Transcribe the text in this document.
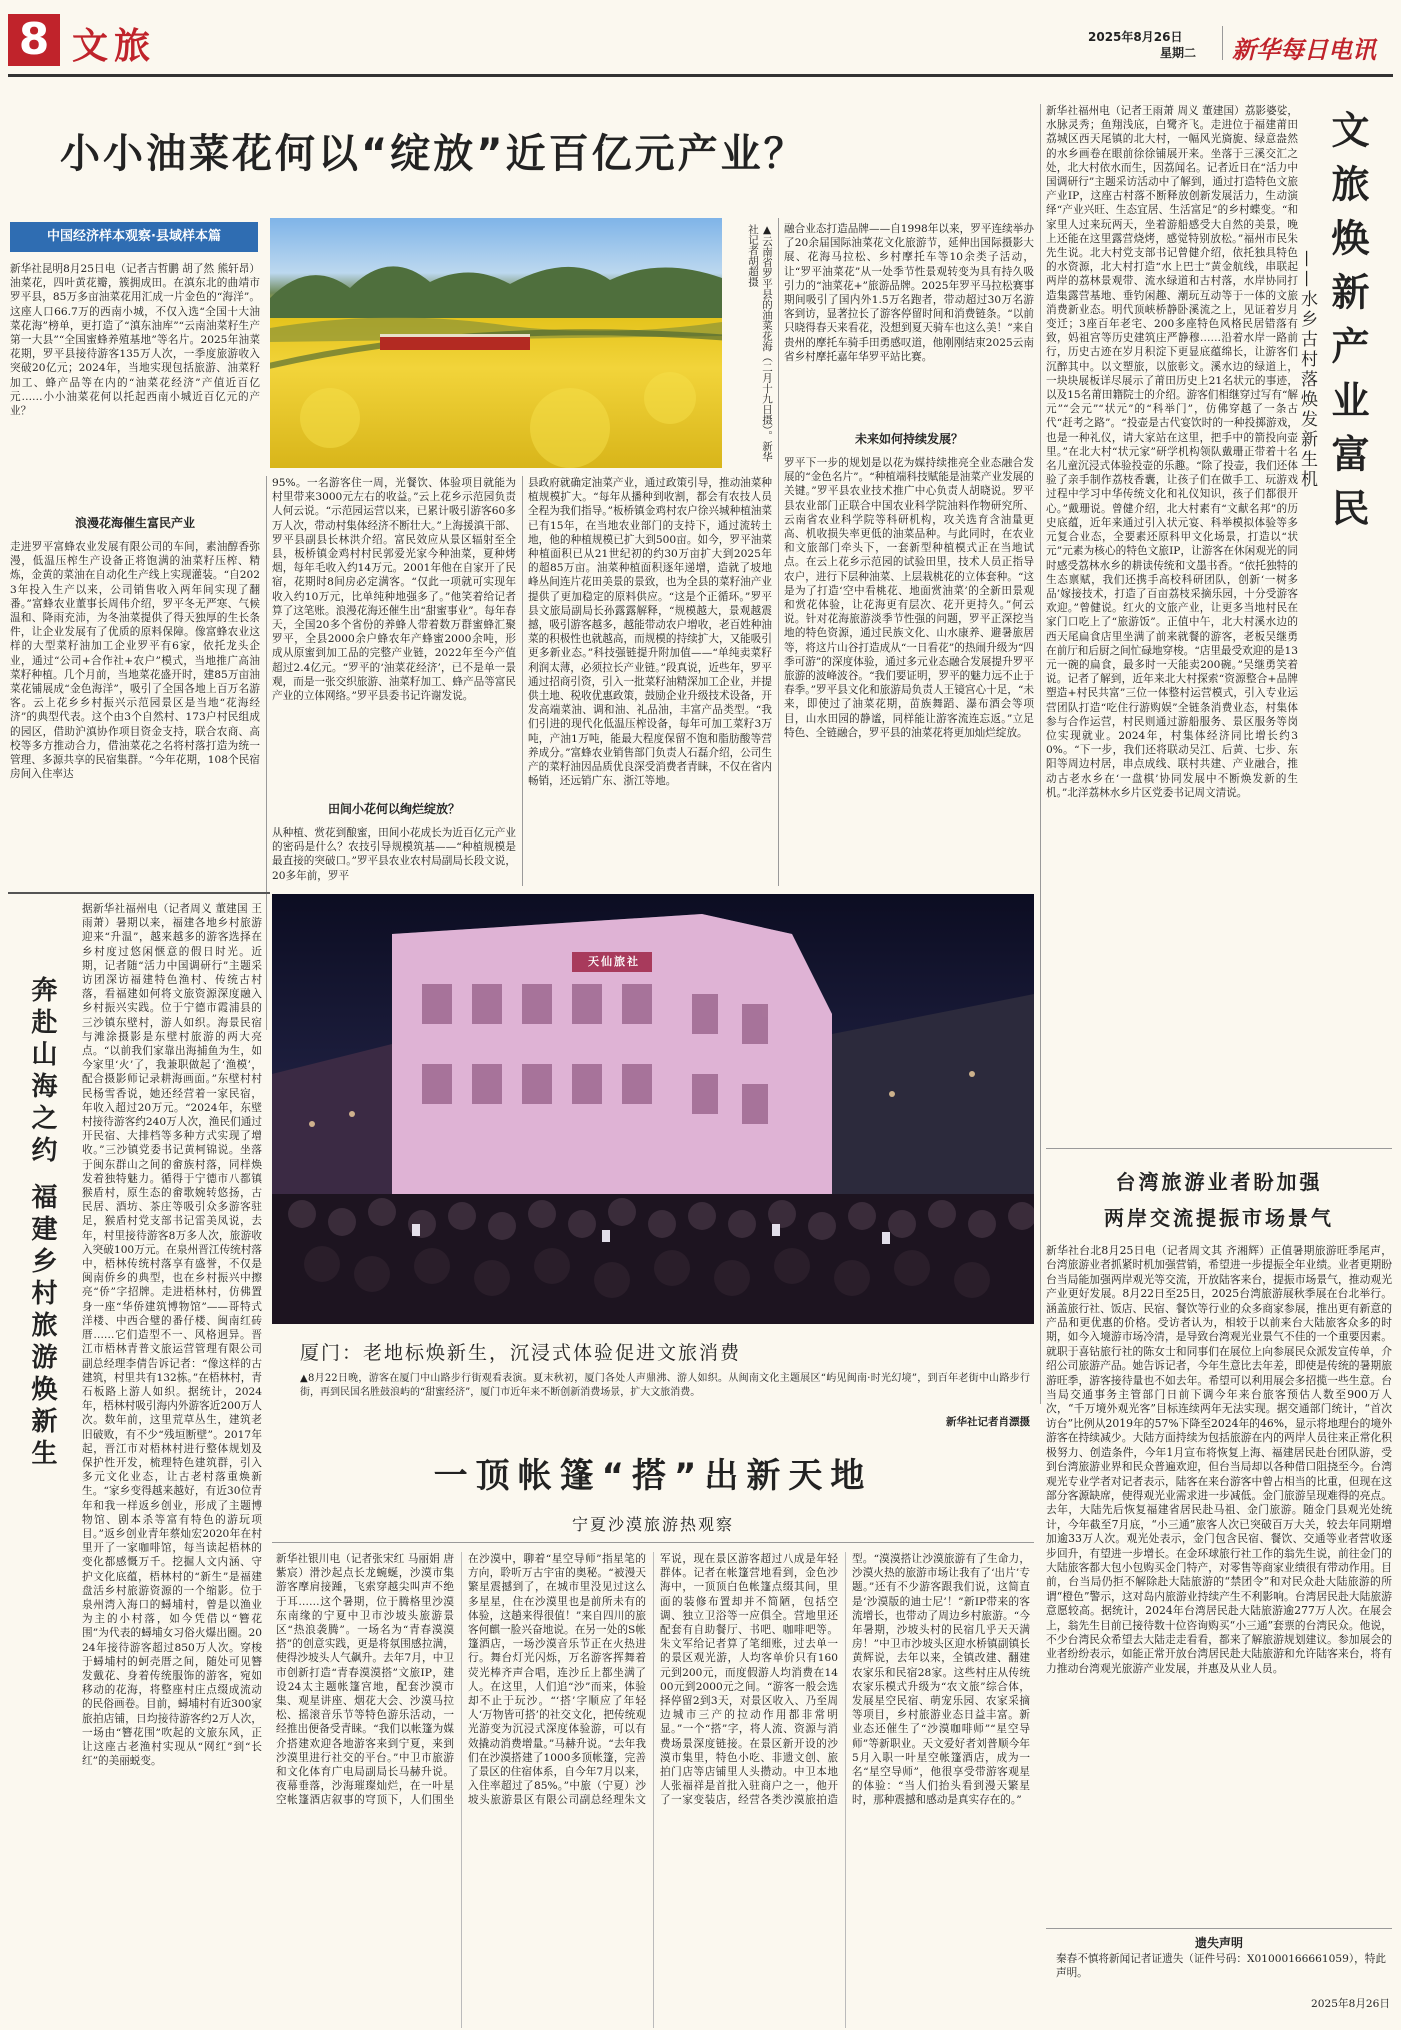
8 文旅	2025年8月26日
星期二 新华每日电讯
小小油菜花何以“绽放”近百亿元产业？
中国经济样本观察·县域样本篇	▲云南省罗平县的油菜花海（二月十九日摄）。新华社记者胡超摄
新华社昆明8月25日电（记者吉哲鹏 胡了然 熊轩昂）油菜花，四叶黄花瓣，簇拥成田。在滇东北的曲靖市罗平县，85万多亩油菜花用汇成一片金色的“海洋”。这座人口66.7万的西南小城，不仅入选“全国十大油菜花海”榜单，更打造了“滇东油库”“云南油菜籽生产第一大县”“全国蜜蜂养殖基地”等名片。2025年油菜花期，罗平县接待游客135万人次，一季度旅游收入突破20亿元；2024年，当地实现包括旅游、油菜籽加工、蜂产品等在内的“油菜花经济”产值近百亿元……小小油菜花何以托起西南小城近百亿元的产业？
浪漫花海催生富民产业
走进罗平富蜂农业发展有限公司的车间，素油醇香弥漫，低温压榨生产设备正将饱满的油菜籽压榨、精炼，金黄的菜油在自动化生产线上实现灌装。“自2023年投入生产以来，公司销售收入两年间实现了翻番。”富蜂农业董事长周伟介绍，罗平冬无严寒、气候温和、降雨充沛，为冬油菜提供了得天独厚的生长条件，让企业发展有了优质的原料保障。像富蜂农业这样的大型菜籽油加工企业罗平有6家，依托龙头企业，通过“公司+合作社+农户”模式，当地推广高油菜籽种植。几个月前，当地菜花盛开时，建85万亩油菜花铺展成“金色海洋”，吸引了全国各地上百万名游客。云上花乡乡村振兴示范园景区是当地“花海经济”的典型代表。这个由3个自然村、173户村民组成的园区，借助沪滇协作项目资金支持，联合农商、高校等多方推动合力，借油菜花之名将村落打造为统一管理、多源共享的民宿集群。“今年花期，108个民宿房间入住率达
95%。一名游客住一周，光餐饮、体验项目就能为村里带来3000元左右的收益。”云上花乡示范园负责人何云说。“示范园运营以来，已累计吸引游客60多万人次，带动村集体经济不断壮大。”上海援滇干部、罗平县副县长林洪介绍。富民效应从景区辐射至全县，板桥镇金鸡村村民郭爱光家今种油菜，夏种烤烟，每年毛收入约14万元。2001年他在自家开了民宿，花期时8间房必定满客。“仅此一项就可实现年收入约10万元，比单纯种地强多了。”他笑着给记者算了这笔账。浪漫花海还催生出“甜蜜事业”。每年春天，全国20多个省份的养蜂人带着数万群蜜蜂汇聚罗平，全县2000余户蜂农年产蜂蜜2000余吨，形成从原蜜到加工品的完整产业链，2022年至今产值超过2.4亿元。“罗平的‘油菜花经济’，已不是单一景观，而是一张交织旅游、油菜籽加工、蜂产品等富民产业的立体网络。”罗平县委书记许谢发说。
田间小花何以绚烂绽放？
从种植、赏花到酿蜜，田间小花成长为近百亿元产业的密码是什么？农技引导规模筑基——“种植规模是最直接的突破口。”罗平县农业农村局副局长段文说，20多年前，罗平
县政府就确定油菜产业，通过政策引导，推动油菜种植规模扩大。“每年从播种到收割，都会有农技人员全程为我们指导。”板桥镇金鸡村农户徐兴城种植油菜已有15年，在当地农业部门的支持下，通过流转土地，他的种植规模已扩大到500亩。如今，罗平油菜种植面积已从21世纪初的约30万亩扩大到2025年的超85万亩。油菜种植面积逐年递增，造就了坡地峰丛间连片花田美景的景致，也为全县的菜籽油产业提供了更加稳定的原料供应。“这是个正循环。”罗平县文旅局副局长孙露露解释，“规模越大，景观越震撼，吸引游客越多，越能带动农户增收，老百姓种油菜的积极性也就越高，而规模的持续扩大，又能吸引更多新业态。”科技强链提升附加值——“单纯卖菜籽利润太薄，必须拉长产业链。”段真说，近些年，罗平通过招商引资，引入一批菜籽油精深加工企业，并提供土地、税收优惠政策，鼓励企业升级技术设备，开发高端菜油、调和油、礼品油，丰富产品类型。“我们引进的现代化低温压榨设备，每年可加工菜籽3万吨，产油1万吨，能最大程度保留不饱和脂肪酸等营养成分。”富蜂农业销售部门负责人石磊介绍，公司生产的菜籽油因品质优良深受消费者青睐，不仅在省内畅销，还远销广东、浙江等地。
融合业态打造品牌——自1998年以来，罗平连续举办了20余届国际油菜花文化旅游节，延伸出国际摄影大展、花海马拉松、乡村摩托车等10余类子活动，让“罗平油菜花”从一处季节性景观转变为具有持久吸引力的“油菜花+”旅游品牌。2025年罗平马拉松赛事期间吸引了国内外1.5万名跑者，带动超过30万名游客到访，显著拉长了游客停留时间和消费链条。“以前只晓得春天来看花，没想到夏天骑车也这么美！”来自贵州的摩托车骑手田勇感叹道，他刚刚结束2025云南省乡村摩托嘉年华罗平站比赛。
未来如何持续发展？
罗平下一步的规划是以花为媒持续推亮全业态融合发展的“金色名片”。“种植端科技赋能是油菜产业发展的关键。”罗平县农业技术推广中心负责人胡晓说。罗平县农业部门正联合中国农业科学院油料作物研究所、云南省农业科学院等科研机构，攻关选育含油量更高、机收损失率更低的油菜品种。与此同时，在农业和文旅部门牵头下，一套新型种植模式正在当地试点。在云上花乡示范园的试验田里，技术人员正指导农户，进行下层种油菜、上层栽桃花的立体套种。“这是为了打造‘空中看桃花、地面赏油菜’的全新田景观和赏花体验，让花海更有层次、花开更持久。”何云说。针对花海旅游淡季节性强的问题，罗平正深挖当地的特色资源，通过民族文化、山水康养、避暑旅居等，将这片山谷打造成从“一日看花”的热闹升级为“四季可游”的深度体验，通过多元业态融合发展提升罗平旅游的波峰波谷。“我们要证明，罗平的魅力远不止于春季。”罗平县文化和旅游局负责人王镜宫心十足，“未来，即使过了油菜花期，苗族舞蹈、瀑布酒会等项目，山水田园的静谧，同样能让游客流连忘返。”立足特色、全链融合，罗平县的油菜花将更加灿烂绽放。
新华社福州电（记者王雨萧 周义 董建国）荔影婆娑，水脉灵秀；鱼翔浅底，白鹭齐飞。走进位于福建莆田荔城区西天尾镇的北大村，一幅风光旖旎、绿意盎然的水乡画卷在眼前徐徐铺展开来。坐落于三溪交汇之处，北大村依水而生，因荔闻名。记者近日在“活力中国调研行”主题采访活动中了解到，通过打造特色文旅产业IP，这座古村落不断释放创新发展活力，生动演绎“产业兴旺、生态宜居、生活富足”的乡村蝶变。“和家里人过来玩两天，坐着游船感受大自然的美景，晚上还能在这里露营烧烤，感觉特别放松。”福州市民朱先生说。北大村党支部书记曾健介绍，依托独具特色的水资源，北大村打造“水上巴士”黄金航线，串联起两岸的荔林景观带、流水绿道和古村落，水岸协同打造集露营基地、垂钓闲趣、潮玩互动等于一体的文旅消费新业态。明代顶峡桥静卧溪流之上，见证着岁月变迁；3座百年老宅、200多座特色风格民居错落有致，妈祖宫等历史建筑庄严静穆……沿着水岸一路前行，历史古迹在岁月积淀下更显底蕴绵长，让游客们沉醉其中。以文塑旅，以旅彰文。溪水边的绿道上，一块块展板详尽展示了莆田历史上21名状元的事迹，以及15名莆田籍院士的介绍。游客们相继穿过写有“解元”“会元”“状元”的“科举门”，仿佛穿越了一条古代“赶考之路”。“投壶是古代宴饮时的一种投掷游戏，也是一种礼仪，请大家站在这里，把手中的箭投向壶里。”在北大村“状元家”研学机构领队戴珊正带着十名名儿童沉浸式体验投壶的乐趣。“除了投壶，我们还体验了亲手制作荔枝香囊，让孩子们在做手工、玩游戏过程中学习中华传统文化和礼仪知识，孩子们都很开心。”戴珊说。曾健介绍，北大村素有“文献名邦”的历史底蕴，近年来通过引入状元宴、科举模拟体验等多元复合业态，全要素还原科甲文化场景，打造以“状元”元素为核心的特色文旅IP，让游客在休闲观光的同时感受荔林水乡的耕读传统和文墨书香。“依托独特的生态禀赋，我们还携手高校科研团队，创新‘一树多品’嫁接技术，打造了百亩荔枝采摘乐园，十分受游客欢迎。”曾健说。红火的文旅产业，让更多当地村民在家门口吃上了“旅游饭”。正值中午，北大村溪水边的西天尾扁食店里坐满了前来就餐的游客，老板吴继勇在前厅和后厨之间忙碌地穿梭。“店里最受欢迎的是13元一碗的扁食，最多时一天能卖200碗。”吴继勇笑着说。记者了解到，近年来北大村探索“资源整合+品牌塑造+村民共富”三位一体整村运营模式，引入专业运营团队打造“吃住行游购娱”全链条消费业态，村集体参与合作运营，村民则通过游船服务、景区服务等岗位实现就业。2024年，村集体经济同比增长约30%。“下一步，我们还将联动吴江、后黄、七步、东阳等周边村居，串点成线、联村共建、产业融合，推动古老水乡在‘一盘棋’协同发展中不断焕发新的生机。”北洋荔林水乡片区党委书记周文清说。
文旅焕新产业富民
——水乡古村落焕发新生机
台湾旅游业者盼加强
两岸交流提振市场景气
新华社台北8月25日电（记者周文其 齐湘辉）正值暑期旅游旺季尾声，台湾旅游业者抓紧时机加强营销，希望进一步提振全年业绩。业者更期盼台当局能加强两岸观光等交流，开放陆客来台，提振市场景气，推动观光产业更好发展。8月22日至25日，2025台湾旅游展秋季展在台北举行。涵盖旅行社、饭店、民宿、餐饮等行业的众多商家参展，推出更有新意的产品和更优惠的价格。受访者认为，相较于以前来台大陆旅客众多的时期，如今入境游市场冷清，是导致台湾观光业景气不佳的一个重要因素。就职于喜钻旅行社的陈女士和同事们在展位上向参展民众派发宣传单，介绍公司旅游产品。她告诉记者，今年生意比去年差，即使是传统的暑期旅游旺季，游客接待量也不如去年。希望可以利用展会多招揽一些生意。台当局交通事务主管部门日前下调今年来台旅客预估人数至900万人次，“千万境外观光客”目标连续两年无法实现。据交通部门统计，“首次访台”比例从2019年的57%下降至2024年的46%，显示将地理台的境外游客在持续减少。大陆方面持续为包括旅游在内的两岸人员往来正常化积极努力、创造条件，今年1月宣布将恢复上海、福建居民赴台团队游，受到台湾旅游业界和民众普遍欢迎，但台当局却以各种借口阻挠至今。台湾观光专业学者对记者表示，陆客在来台游客中曾占相当的比重，但现在这部分客源缺席，使得观光业需求进一步减低。金门旅游呈现难得的亮点。去年，大陆先后恢复福建省居民赴马祖、金门旅游。随金门县观光处统计，今年截至7月底，“小三通”旅客人次已突破百万大关，较去年同期增加逾33万人次。观光处表示，金门包含民宿、餐饮、交通等业者营收逐步回升，有望进一步增长。在金环球旅行社工作的翁先生说，前往金门的大陆旅客都大包小包购买金门特产，对零售等商家业绩很有带动作用。目前，台当局仍拒不解除赴大陆旅游的“禁团令”和对民众赴大陆旅游的所谓“橙色”警示，这对岛内旅游业持续产生不利影响。台湾居民赴大陆旅游意愿较高。据统计，2024年台湾居民赴大陆旅游逾277万人次。在展会上，翁先生目前已接待数十位咨询购买“小三通”套票的台湾民众。他说，不少台湾民众希望去大陆走走看看，都来了解旅游规划建议。参加展会的业者纷纷表示，如能正常开放台湾居民赴大陆旅游和允许陆客来台，将有力推动台湾观光旅游产业发展，并惠及从业人员。
遗失声明
秦春不慎将新闻记者证遗失（证件号码：X01000166661059），特此声明。
2025年8月26日
奔赴山海之约 福建乡村旅游焕新生
据新华社福州电（记者周义 董建国 王雨萧）暑期以来，福建各地乡村旅游迎来“升温”，越来越多的游客选择在乡村度过悠闲惬意的假日时光。近期，记者随“活力中国调研行”主题采访团深访福建特色渔村、传统古村落，看福建如何将文旅资源深度融入乡村振兴实践。位于宁德市霞浦县的三沙镇东壁村，游人如织。海景民宿与滩涂摄影是东壁村旅游的两大亮点。“以前我们家靠出海捕鱼为生，如今家里‘火’了，我兼职做起了‘渔模’，配合摄影师记录耕海画面。”东壁村村民杨雪香说，她还经营着一家民宿，年收入超过20万元。“2024年，东壁村接待游客约240万人次，渔民们通过开民宿、大排档等多种方式实现了增收。”三沙镇党委书记黄柯锦说。坐落于闽东群山之间的畲族村落，同样焕发着独特魅力。循得于宁德市八都镇猴盾村，原生态的畲歌婉转悠扬，古民居、酒坊、茶庄等吸引众多游客驻足，猴盾村党支部书记雷美凤说，去年，村里接待游客8万多人次，旅游收入突破100万元。在泉州晋江传统村落中，梧林传统村落享有盛誉，不仅是闽南侨乡的典型，也在乡村振兴中擦亮“侨”字招牌。走进梧林村，仿佛置身一座“华侨建筑博物馆”——哥特式洋楼、中西合璧的番仔楼、闽南红砖厝……它们造型不一、风格迥异。晋江市梧林青普文旅运营管理有限公司副总经理李倩告诉记者：“像这样的古建筑，村里共有132栋。”在梧林村，青石板路上游人如织。据统计，2024年，梧林村吸引海内外游客近200万人次。数年前，这里荒草丛生，建筑老旧破败，有不少“残垣断壁”。2017年起，晋江市对梧林村进行整体规划及保护性开发，梳理特色建筑群，引入多元文化业态，让古老村落重焕新生。“家乡变得越来越好，有近30位青年和我一样返乡创业，形成了主题博物馆、剧本杀等富有特色的游玩项目。”返乡创业青年蔡灿宏2020年在村里开了一家咖啡馆，每当读起梧林的变化都感慨万千。挖掘人文内涵、守护文化底蕴，梧林村的“新生”是福建盘活乡村旅游资源的一个缩影。位于泉州湾入海口的蟳埔村，曾是以渔业为主的小村落，如今凭借以“簪花围”为代表的蟳埔女习俗火爆出圈。2024年接待游客超过850万人次。穿梭于蟳埔村的蚵壳厝之间，随处可见簪发戴花、身着传统服饰的游客，宛如移动的花海，将整座村庄点缀成流动的民俗画卷。目前，蟳埔村有近300家旅拍店铺，日均接待游客约2万人次，一场由“簪花围”吹起的文旅东风，正让这座古老渔村实现从“网红”到“长红”的美丽蜕变。
天仙旅社
厦门：老地标焕新生，沉浸式体验促进文旅消费
▲8月22日晚，游客在厦门中山路步行街观看表演。夏末秋初，厦门各处人声鼎沸、游人如织。从闽南文化主题展区“屿见闽南·时光幻境”，到百年老街中山路步行街，再到民国名胜鼓浪屿的“甜蜜经济”，厦门市近年来不断创新消费场景，扩大文旅消费。
新华社记者肖漂摄
一顶帐篷“搭”出新天地
宁夏沙漠旅游热观察
新华社银川电（记者张宋红 马丽娟 唐紫宸）滑沙起点长龙蜿蜒，沙漠市集游客摩肩接踵，飞索穿越尖叫声不绝于耳……这个暑期，位于腾格里沙漠东南缘的宁夏中卫市沙坡头旅游景区“热浪袭腾”。一场名为“青春漠漠搭”的创意实践，更是将氛围感拉满，使得沙坡头人气飙升。去年7月，中卫市创新打造“青春漠漠搭”文旅IP，建设24太主题帐篷宫地，配套沙漠市集、观星讲座、烟花大会、沙漠马拉松、摇滚音乐节等特色游乐活动，一经推出便备受青睐。“我们以帐篷为媒介搭建欢迎各地游客来到宁夏，来到沙漠里进行社交的平台。”中卫市旅游和文化体育广电局副局长马赫升说。夜幕垂落，沙海璀璨灿烂，在一叶星空帐篷酒店叙事的穹顶下，人们围坐在沙漠中，聊着“星空导师”指星笔的方向，聆听万古宇宙的奥秘。“被漫天繁星震撼到了，在城市里没见过这么多星星，住在沙漠里也是前所未有的体验，这趟来得很值！”来自四川的旅客何麒一脸兴奋地说。在另一处的S帐篷酒店，一场沙漠音乐节正在火热进行。舞台灯光闪烁，万名游客挥舞着荧光棒齐声合唱，连沙丘上都坐满了人。在这里，人们追“沙”而来，体验却不止于玩沙。“‘搭’字顺应了年轻人‘万物皆可搭’的社交文化，把传统观光游变为沉浸式深度体验游，可以有效撬动消费增量。”马赫升说。“去年我们在沙漠搭建了1000多顶帐篷，完善了景区的住宿体系，自今年7月以来，入住率超过了85%。”中旅（宁夏）沙坡头旅游景区有限公司副总经理朱文军说，现在景区游客超过八成是年轻群体。记者在帐篷营地看到，金色沙海中，一顶顶白色帐篷点缀其间，里面的装修布置却并不简陋，包括空调、独立卫浴等一应俱全。营地里还配套有自助餐厅、书吧、咖啡吧等。朱文军给记者算了笔细账，过去单一的景区观光游，人均客单价只有160元到200元，而度假游人均消费在1400元到2000元之间。“游客一般会选择停留2到3天，对景区收入、乃至周边城市三产的拉动作用都非常明显。”一个“搭”字，将人流、资源与消费场景深度链接。在景区新开设的沙漠市集里，特色小吃、非遗文创、旅拍门店等店铺里人头攒动。中卫本地人张福祥是首批入驻商户之一，他开了一家变装店，经营各类沙漠旅拍造型。“漠漠搭让沙漠旅游有了生命力，沙漠火热的旅游市场让我有了‘出片’专题。”还有不少游客跟我们说，这简直是‘沙漠版的迪士尼’！”新IP带来的客流增长，也带动了周边乡村旅游。“今年暑期，沙坡头村的民宿几乎天天满房！”中卫市沙坡头区迎水桥镇副镇长黄辉说，去年以来，全镇改建、翻建农家乐和民宿28家。这些村庄从传统农家乐模式升级为“农文旅”综合体，发展星空民宿、萌宠乐园、农家采摘等项目，乡村旅游业态日益丰富。新业态还催生了“沙漠咖啡师”“星空导师”等新职业。天文爱好者刘普顺今年5月入职一叶星空帐篷酒店，成为一名“星空导师”，他很享受带游客观星的体验：“当人们抬头看到漫天繁星时，那种震撼和感动是真实存在的。”
